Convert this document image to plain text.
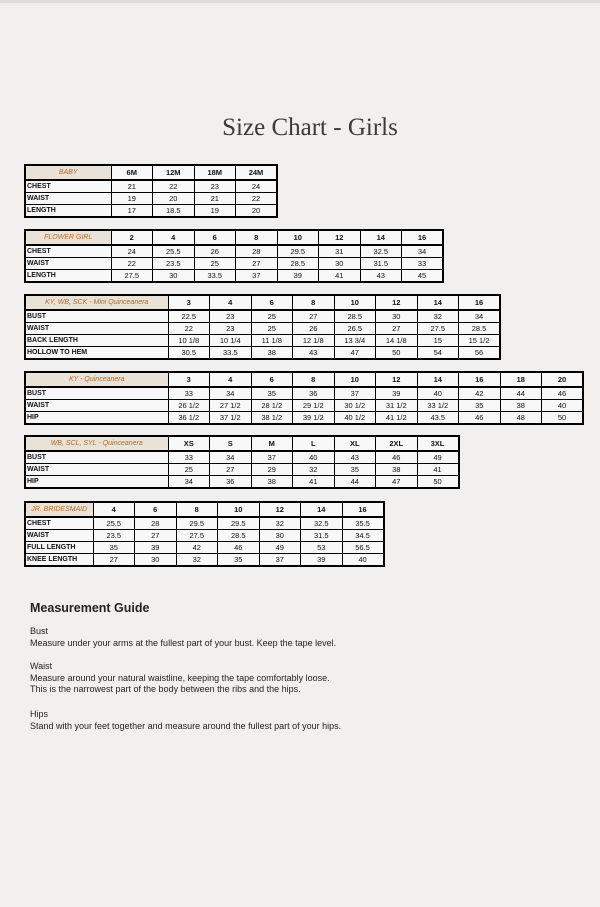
Size Chart - Girls
BABY	6M	12M	18M	24M
CHEST	21	22	23	24
WAIST	19	20	21	22
LENGTH	17	18.5	19	20
FLOWER GIRL	2	4	6	8	10	12	14	16
CHEST	24	25.5	26	28	29.5	31	32.5	34
WAIST	22	23.5	25	27	28.5	30	31.5	33
LENGTH	27.5	30	33.5	37	39	41	43	45
KY, WB, SCK - Mini Quinceanera	3	4	6	8	10	12	14	16
BUST	22.5	23	25	27	28.5	30	32	34
WAIST	22	23	25	26	26.5	27	27.5	28.5
BACK LENGTH	10 1/8	10 1/4	11 1/8	12 1/8	13 3/4	14 1/8	15	15 1/2
HOLLOW TO HEM	30.5	33.5	38	43	47	50	54	56
KY - Quinceanera	3	4	6	8	10	12	14	16	18	20
BUST	33	34	35	36	37	39	40	42	44	46
WAIST	26 1/2	27 1/2	28 1/2	29 1/2	30 1/2	31 1/2	33 1/2	35	38	40
HIP	36 1/2	37 1/2	38 1/2	39 1/2	40 1/2	41 1/2	43.5	46	48	50
WB, SCL, SYL - Quinceanera	XS	S	M	L	XL	2XL	3XL
BUST	33	34	37	40	43	46	49
WAIST	25	27	29	32	35	38	41
HIP	34	36	38	41	44	47	50
JR. BRIDESMAID	4	6	8	10	12	14	16
CHEST	25.5	28	29.5	29.5	32	32.5	35.5
WAIST	23.5	27	27.5	28.5	30	31.5	34.5
FULL LENGTH	35	39	42	46	49	53	56.5
KNEE LENGTH	27	30	32	35	37	39	40
Measurement Guide
Bust
Measure under your arms at the fullest part of your bust. Keep the tape level.
Waist
Measure around your natural waistline, keeping the tape comfortably loose.
This is the narrowest part of the body between the ribs and the hips.
Hips
Stand with your feet together and measure around the fullest part of your hips.
